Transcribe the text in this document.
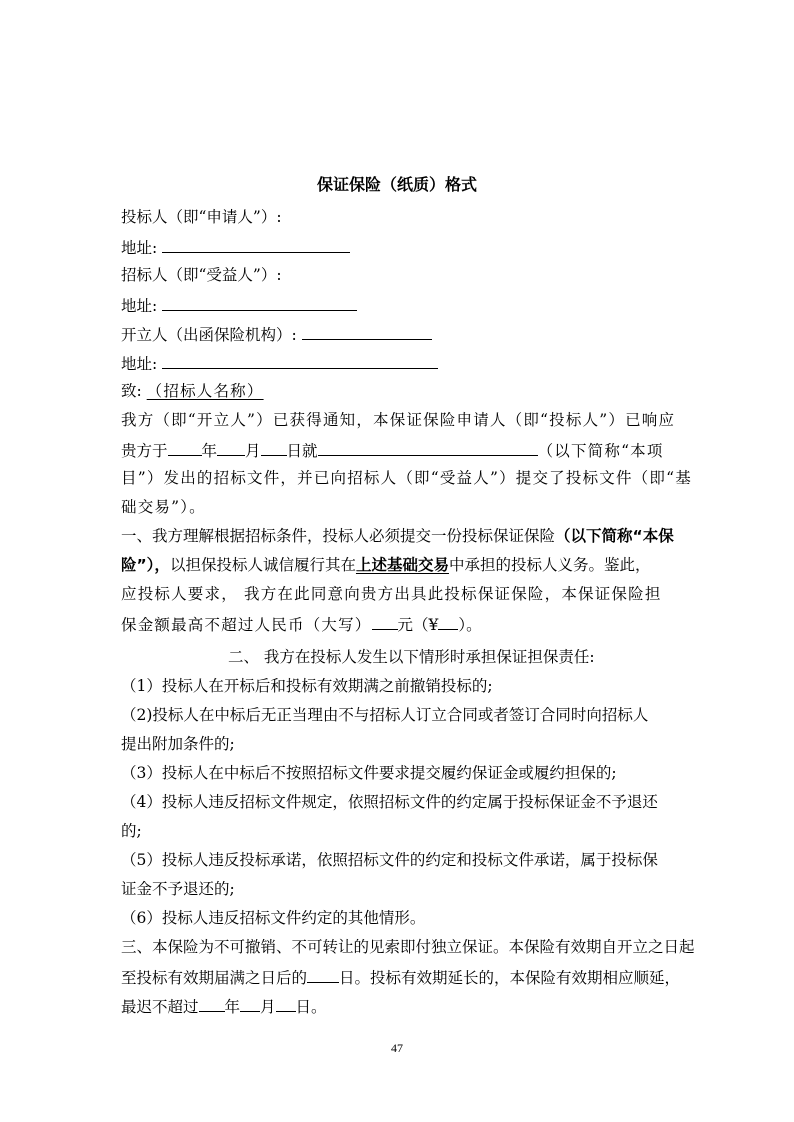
保证保险（纸质）格式
投标人（即“申请人”）:
地址:
招标人（即“受益人”）:
地址:
开立人（出函保险机构）:
地址:
致: （招标人名称）
我方（即“开立人”）已获得通知，本保证保险申请人（即“投标人”）已响应
贵方于 年 月 日就	（以下简称“本项
目”）发出的招标文件，并已向招标人（即“受益人”）提交了投标文件（即“基
础交易”）。
一、我方理解根据招标条件，投标人必须提交一份投标保证保险（以下简称“本保
险”），以担保投标人诚信履行其在上述基础交易中承担的投标人义务。鉴此，
应投标人要求， 我方在此同意向贵方出具此投标保证保险，本保证保险担
保金额最高不超过人民币（大写） 元（¥ ）。
二、 我方在投标人发生以下情形时承担保证担保责任:
（1）投标人在开标后和投标有效期满之前撤销投标的;
（2)投标人在中标后无正当理由不与招标人订立合同或者签订合同时向招标人
提出附加条件的;
（3）投标人在中标后不按照招标文件要求提交履约保证金或履约担保的;
（4）投标人违反招标文件规定，依照招标文件的约定属于投标保证金不予退还
的;
（5）投标人违反投标承诺，依照招标文件的约定和投标文件承诺，属于投标保
证金不予退还的;
（6）投标人违反招标文件约定的其他情形。
三、本保险为不可撤销、不可转让的见索即付独立保证。本保险有效期自开立之日起
至投标有效期届满之日后的 日。投标有效期延长的，本保险有效期相应顺延，
最迟不超过 年 月 日。
47
